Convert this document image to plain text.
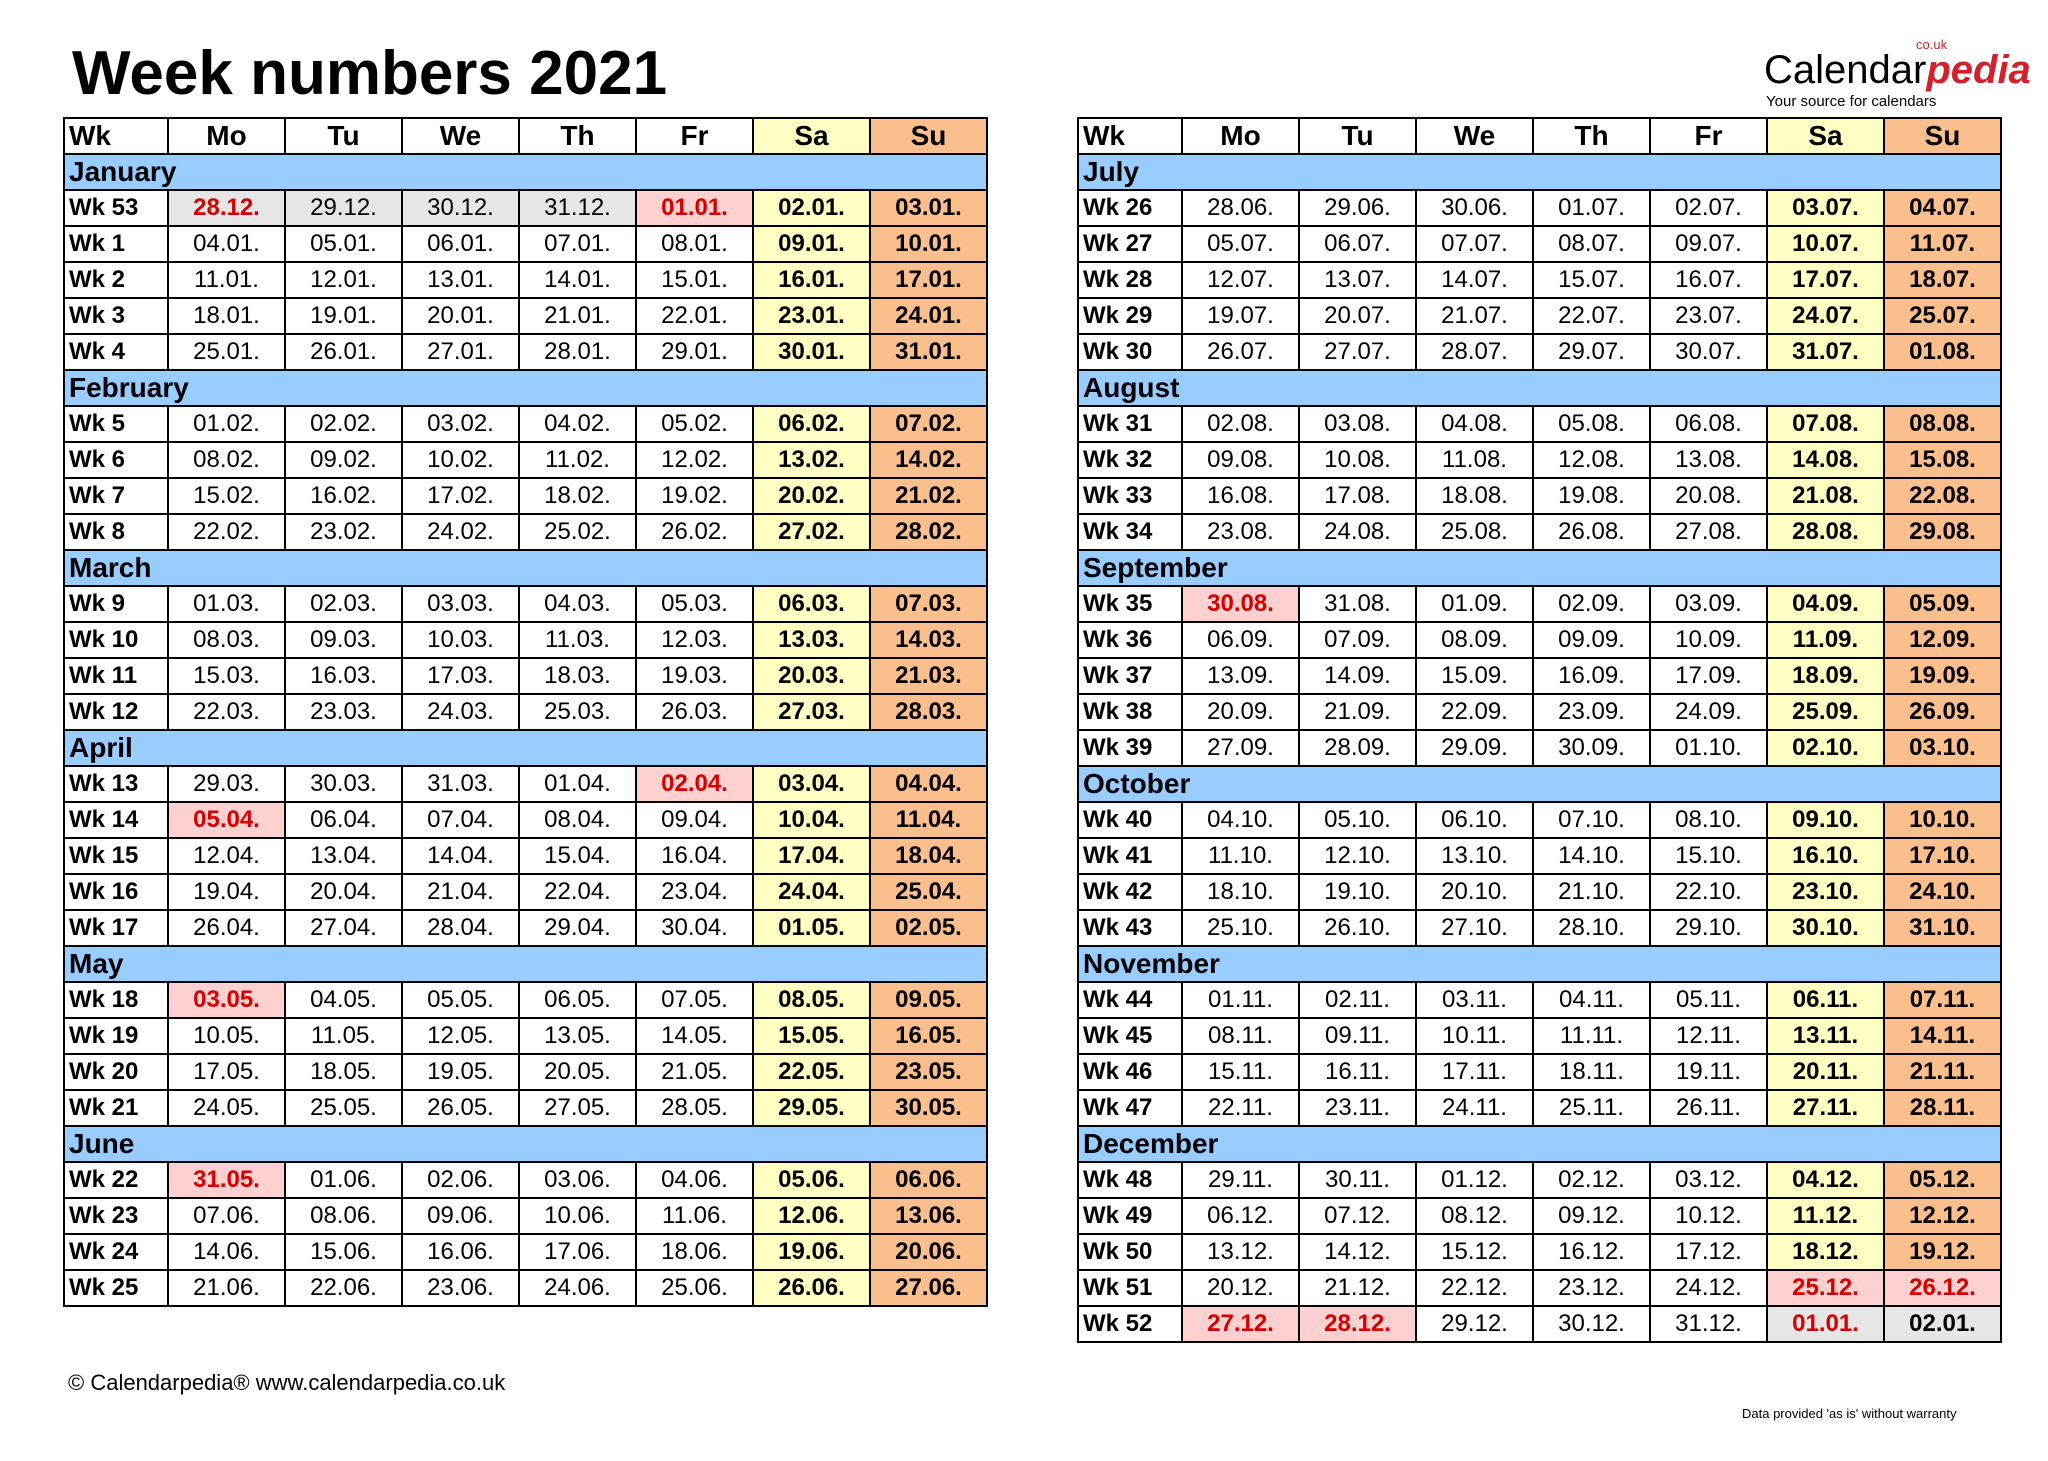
Week numbers 2021	co.uk
Calendarpedia
Your source for calendars
Wk	Mo	Tu	We	Th	Fr	Sa	Su
January							
Wk 53	28.12.	29.12.	30.12.	31.12.	01.01.	02.01.	03.01.
Wk 1	04.01.	05.01.	06.01.	07.01.	08.01.	09.01.	10.01.
Wk 2	11.01.	12.01.	13.01.	14.01.	15.01.	16.01.	17.01.
Wk 3	18.01.	19.01.	20.01.	21.01.	22.01.	23.01.	24.01.
Wk 4	25.01.	26.01.	27.01.	28.01.	29.01.	30.01.	31.01.
February							
Wk 5	01.02.	02.02.	03.02.	04.02.	05.02.	06.02.	07.02.
Wk 6	08.02.	09.02.	10.02.	11.02.	12.02.	13.02.	14.02.
Wk 7	15.02.	16.02.	17.02.	18.02.	19.02.	20.02.	21.02.
Wk 8	22.02.	23.02.	24.02.	25.02.	26.02.	27.02.	28.02.
March							
Wk 9	01.03.	02.03.	03.03.	04.03.	05.03.	06.03.	07.03.
Wk 10	08.03.	09.03.	10.03.	11.03.	12.03.	13.03.	14.03.
Wk 11	15.03.	16.03.	17.03.	18.03.	19.03.	20.03.	21.03.
Wk 12	22.03.	23.03.	24.03.	25.03.	26.03.	27.03.	28.03.
April							
Wk 13	29.03.	30.03.	31.03.	01.04.	02.04.	03.04.	04.04.
Wk 14	05.04.	06.04.	07.04.	08.04.	09.04.	10.04.	11.04.
Wk 15	12.04.	13.04.	14.04.	15.04.	16.04.	17.04.	18.04.
Wk 16	19.04.	20.04.	21.04.	22.04.	23.04.	24.04.	25.04.
Wk 17	26.04.	27.04.	28.04.	29.04.	30.04.	01.05.	02.05.
May							
Wk 18	03.05.	04.05.	05.05.	06.05.	07.05.	08.05.	09.05.
Wk 19	10.05.	11.05.	12.05.	13.05.	14.05.	15.05.	16.05.
Wk 20	17.05.	18.05.	19.05.	20.05.	21.05.	22.05.	23.05.
Wk 21	24.05.	25.05.	26.05.	27.05.	28.05.	29.05.	30.05.
June							
Wk 22	31.05.	01.06.	02.06.	03.06.	04.06.	05.06.	06.06.
Wk 23	07.06.	08.06.	09.06.	10.06.	11.06.	12.06.	13.06.
Wk 24	14.06.	15.06.	16.06.	17.06.	18.06.	19.06.	20.06.
Wk 25	21.06.	22.06.	23.06.	24.06.	25.06.	26.06.	27.06.
Wk	Mo	Tu	We	Th	Fr	Sa	Su
July							
Wk 26	28.06.	29.06.	30.06.	01.07.	02.07.	03.07.	04.07.
Wk 27	05.07.	06.07.	07.07.	08.07.	09.07.	10.07.	11.07.
Wk 28	12.07.	13.07.	14.07.	15.07.	16.07.	17.07.	18.07.
Wk 29	19.07.	20.07.	21.07.	22.07.	23.07.	24.07.	25.07.
Wk 30	26.07.	27.07.	28.07.	29.07.	30.07.	31.07.	01.08.
August							
Wk 31	02.08.	03.08.	04.08.	05.08.	06.08.	07.08.	08.08.
Wk 32	09.08.	10.08.	11.08.	12.08.	13.08.	14.08.	15.08.
Wk 33	16.08.	17.08.	18.08.	19.08.	20.08.	21.08.	22.08.
Wk 34	23.08.	24.08.	25.08.	26.08.	27.08.	28.08.	29.08.
September							
Wk 35	30.08.	31.08.	01.09.	02.09.	03.09.	04.09.	05.09.
Wk 36	06.09.	07.09.	08.09.	09.09.	10.09.	11.09.	12.09.
Wk 37	13.09.	14.09.	15.09.	16.09.	17.09.	18.09.	19.09.
Wk 38	20.09.	21.09.	22.09.	23.09.	24.09.	25.09.	26.09.
Wk 39	27.09.	28.09.	29.09.	30.09.	01.10.	02.10.	03.10.
October							
Wk 40	04.10.	05.10.	06.10.	07.10.	08.10.	09.10.	10.10.
Wk 41	11.10.	12.10.	13.10.	14.10.	15.10.	16.10.	17.10.
Wk 42	18.10.	19.10.	20.10.	21.10.	22.10.	23.10.	24.10.
Wk 43	25.10.	26.10.	27.10.	28.10.	29.10.	30.10.	31.10.
November							
Wk 44	01.11.	02.11.	03.11.	04.11.	05.11.	06.11.	07.11.
Wk 45	08.11.	09.11.	10.11.	11.11.	12.11.	13.11.	14.11.
Wk 46	15.11.	16.11.	17.11.	18.11.	19.11.	20.11.	21.11.
Wk 47	22.11.	23.11.	24.11.	25.11.	26.11.	27.11.	28.11.
December							
Wk 48	29.11.	30.11.	01.12.	02.12.	03.12.	04.12.	05.12.
Wk 49	06.12.	07.12.	08.12.	09.12.	10.12.	11.12.	12.12.
Wk 50	13.12.	14.12.	15.12.	16.12.	17.12.	18.12.	19.12.
Wk 51	20.12.	21.12.	22.12.	23.12.	24.12.	25.12.	26.12.
Wk 52	27.12.	28.12.	29.12.	30.12.	31.12.	01.01.	02.01.
© Calendarpedia® www.calendarpedia.co.uk
Data provided 'as is' without warranty
